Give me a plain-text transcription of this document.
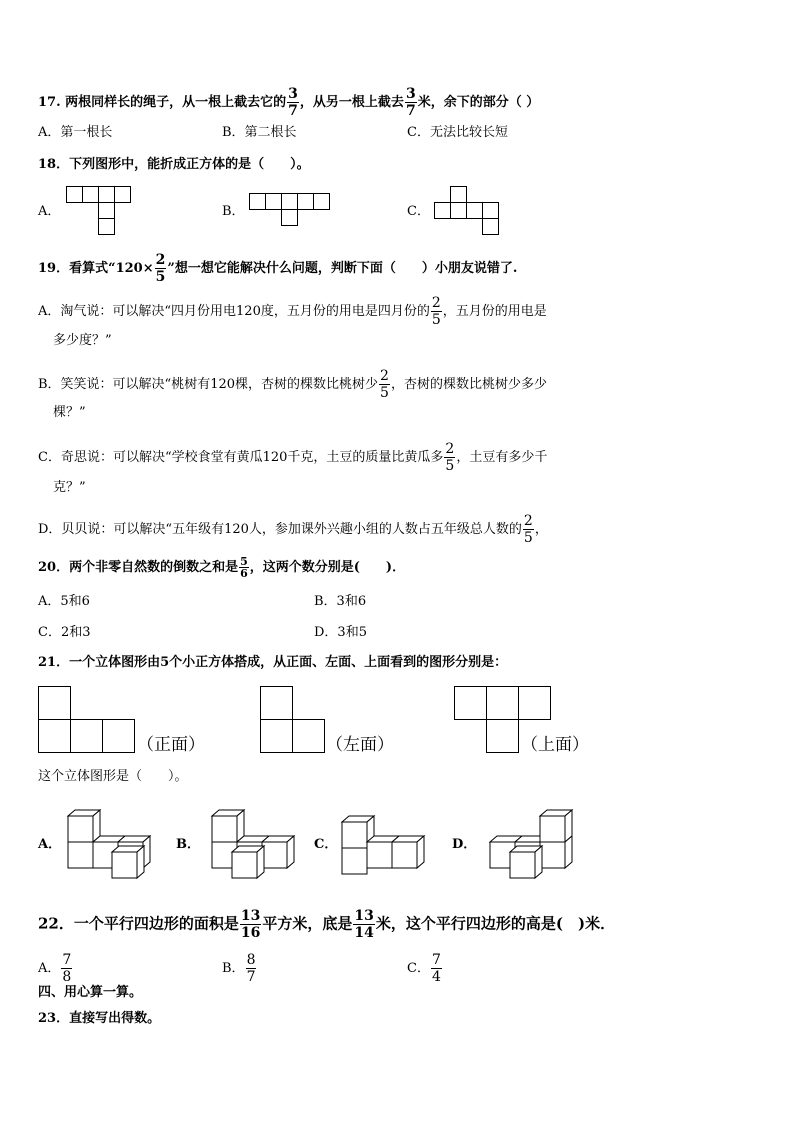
17. 两根同样长的绳子，从一根上截去它的 $\frac{3}{7}$ ，从另一根上截去 $\frac{3}{7}$ 米，余下的部分（ ）
A．第一根长	B．第二根长	C．无法比较长短
18．下列图形中，能折成正方体的是（　　）。
A．	B．	C．
19．看算式“$120\times \frac{2}{5}$ ”想一想它能解决什么问题，判断下面（　　）小朋友说错了.
A．淘气说：可以解决“四月份用电120度，五月份的用电是四月份的 $\frac{2}{5}$ ，五月份的用电是
多少度？”
B．笑笑说：可以解决“桃树有120棵，杏树的棵数比桃树少 $\frac{2}{5}$ ，杏树的棵数比桃树少多少
棵？”
C．奇思说：可以解决“学校食堂有黄瓜120千克，土豆的质量比黄瓜多 $\frac{2}{5}$ ，土豆有多少千
克？”
D．贝贝说：可以解决“五年级有120人，参加课外兴趣小组的人数占五年级总人数的 $\frac{2}{5}$ ，
20．两个非零自然数的倒数之和是 $\frac{5}{6}$ ，这两个数分别是(　　)．
A．5和6	B．3和6
C．2和3	D．3和5
21．一个立体图形由5个小正方体搭成，从正面、左面、上面看到的图形分别是：
（正面）	（左面）	（上面）
这个立体图形是（　　）。
A．	B．	C．	D．
22．一个平行四边形的面积是 $\frac{13}{16}$ 平方米，底是 $\frac{13}{14}$ 米，这个平行四边形的高是(　)米．
A． $\frac{7}{8}$	B． $\frac{8}{7}$	C． $\frac{7}{4}$
四、用心算一算。
23．直接写出得数。
